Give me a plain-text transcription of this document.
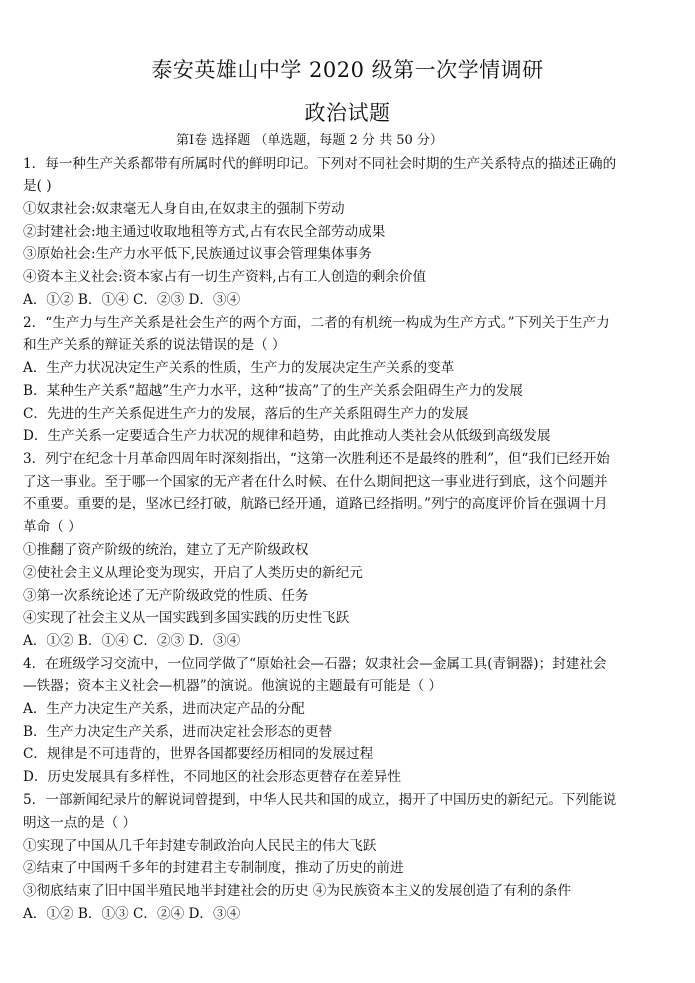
泰安英雄山中学 2020 级第一次学情调研
政治试题
第Ⅰ卷 选择题 （单选题，每题 2 分 共 50 分）
1．每一种生产关系都带有所属时代的鲜明印记。下列对不同社会时期的生产关系特点的描述正确的
是( )
①奴隶社会:奴隶毫无人身自由,在奴隶主的强制下劳动
②封建社会:地主通过收取地租等方式,占有农民全部劳动成果
③原始社会:生产力水平低下,民族通过议事会管理集体事务
④资本主义社会:资本家占有一切生产资料,占有工人创造的剩余价值
A．①② B．①④ C．②③ D．③④
2．“生产力与生产关系是社会生产的两个方面，二者的有机统一构成为生产方式。”下列关于生产力
和生产关系的辩证关系的说法错误的是（ ）
A．生产力状况决定生产关系的性质，生产力的发展决定生产关系的变革
B．某种生产关系“超越”生产力水平，这种“拔高”了的生产关系会阻碍生产力的发展
C．先进的生产关系促进生产力的发展，落后的生产关系阻碍生产力的发展
D．生产关系一定要适合生产力状况的规律和趋势，由此推动人类社会从低级到高级发展
3．列宁在纪念十月革命四周年时深刻指出，“这第一次胜利还不是最终的胜利”，但“我们已经开始
了这一事业。至于哪一个国家的无产者在什么时候、在什么期间把这一事业进行到底，这个问题并
不重要。重要的是，坚冰已经打破，航路已经开通，道路已经指明。”列宁的高度评价旨在强调十月
革命（ ）
①推翻了资产阶级的统治，建立了无产阶级政权
②使社会主义从理论变为现实，开启了人类历史的新纪元
③第一次系统论述了无产阶级政党的性质、任务
④实现了社会主义从一国实践到多国实践的历史性飞跃
A．①② B．①④ C．②③ D．③④
4．在班级学习交流中，一位同学做了“原始社会—石器；奴隶社会—金属工具(青铜器)；封建社会
—铁器；资本主义社会—机器”的演说。他演说的主题最有可能是（ ）
A．生产力决定生产关系，进而决定产品的分配
B．生产力决定生产关系，进而决定社会形态的更替
C．规律是不可违背的，世界各国都要经历相同的发展过程
D．历史发展具有多样性，不同地区的社会形态更替存在差异性
5．一部新闻纪录片的解说词曾提到，中华人民共和国的成立，揭开了中国历史的新纪元。下列能说
明这一点的是（ ）
①实现了中国从几千年封建专制政治向人民民主的伟大飞跃
②结束了中国两千多年的封建君主专制制度，推动了历史的前进
③彻底结束了旧中国半殖民地半封建社会的历史 ④为民族资本主义的发展创造了有利的条件
A．①② B．①③ C．②④ D．③④
